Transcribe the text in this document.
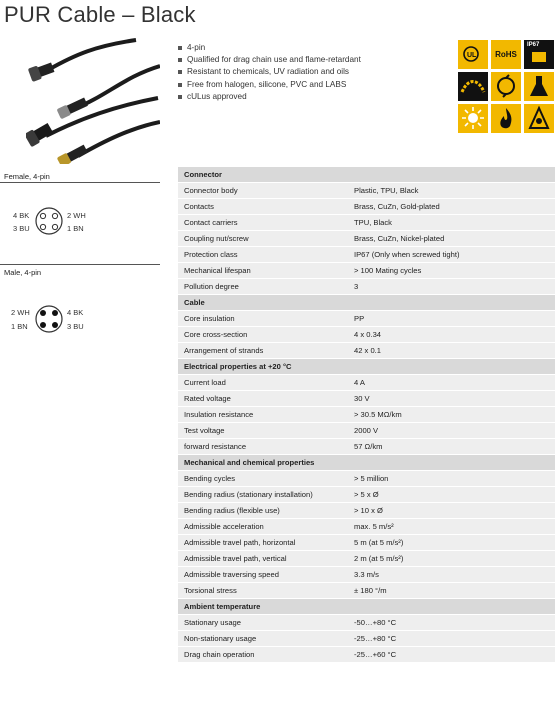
PUR Cable – Black
4-pin
Qualified for drag chain use and flame-retardant
Resistant to chemicals, UV radiation and oils
Free from halogen, silicone, PVC and LABS
cULus approved
UL RoHS
IP67
Female, 4-pin
4 BK	2 WH
3 BU	1 BN
Male, 4-pin
2 WH	4 BK
1 BN	3 BU
Connector	
Connector body	Plastic, TPU, Black
Contacts	Brass, CuZn, Gold-plated
Contact carriers	TPU, Black
Coupling nut/screw	Brass, CuZn, Nickel-plated
Protection class	IP67 (Only when screwed tight)
Mechanical lifespan	> 100 Mating cycles
Pollution degree	3
Cable	
Core insulation	PP
Core cross-section	4 x 0.34
Arrangement of strands	42 x 0.1
Electrical properties at +20 °C	
Current load	4 A
Rated voltage	30 V
Insulation resistance	> 30.5 MΩ/km
Test voltage	2000 V
forward resistance	57 Ω/km
Mechanical and chemical properties	
Bending cycles	> 5 million
Bending radius (stationary installation)	> 5 x Ø
Bending radius (flexible use)	> 10 x Ø
Admissible acceleration	max. 5 m/s²
Admissible travel path, horizontal	5 m (at 5 m/s²)
Admissible travel path, vertical	2 m (at 5 m/s²)
Admissible traversing speed	3.3 m/s
Torsional stress	± 180 °/m
Ambient temperature	
Stationary usage	-50…+80 °C
Non-stationary usage	-25…+80 °C
Drag chain operation	-25…+60 °C
